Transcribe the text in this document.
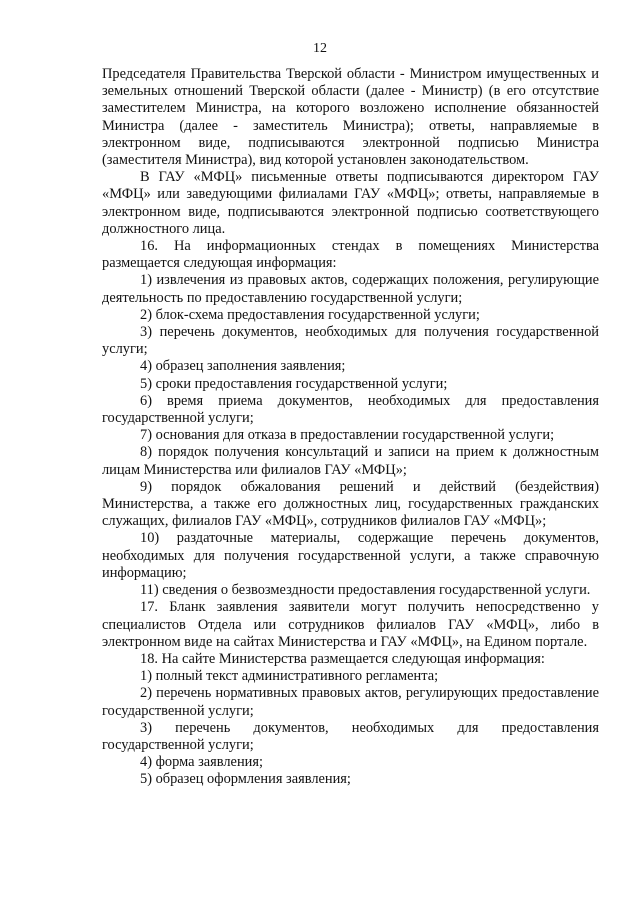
12

Председателя Правительства Тверской области - Министром имущественных и земельных отношений Тверской области (далее - Министр) (в его отсутствие заместителем Министра, на которого возложено исполнение обязанностей Министра (далее - заместитель Министра); ответы, направляемые в электронном виде, подписываются электронной подписью Министра (заместителя Министра), вид которой установлен законодательством.

В ГАУ «МФЦ» письменные ответы подписываются директором ГАУ «МФЦ» или заведующими филиалами ГАУ «МФЦ»; ответы, направляемые в электронном виде, подписываются электронной подписью соответствующего должностного лица.

16. На информационных стендах в помещениях Министерства размещается следующая информация:

1) извлечения из правовых актов, содержащих положения, регулирующие деятельность по предоставлению государственной услуги;

2) блок-схема предоставления государственной услуги;

3) перечень документов, необходимых для получения государственной услуги;

4) образец заполнения заявления;

5) сроки предоставления государственной услуги;

6) время приема документов, необходимых для предоставления государственной услуги;

7) основания для отказа в предоставлении государственной услуги;

8) порядок получения консультаций и записи на прием к должностным лицам Министерства или филиалов ГАУ «МФЦ»;

9) порядок обжалования решений и действий (бездействия) Министерства, а также его должностных лиц, государственных гражданских служащих, филиалов ГАУ «МФЦ», сотрудников филиалов ГАУ «МФЦ»;

10) раздаточные материалы, содержащие перечень документов, необходимых для получения государственной услуги, а также справочную информацию;

11) сведения о безвозмездности предоставления государственной услуги.

17. Бланк заявления заявители могут получить непосредственно у специалистов Отдела или сотрудников филиалов ГАУ «МФЦ», либо в электронном виде на сайтах Министерства и ГАУ «МФЦ», на Едином портале.

18. На сайте Министерства размещается следующая информация:

1) полный текст административного регламента;

2) перечень нормативных правовых актов, регулирующих предоставление государственной услуги;

3) перечень документов, необходимых для предоставления государственной услуги;

4) форма заявления;

5) образец оформления заявления;
